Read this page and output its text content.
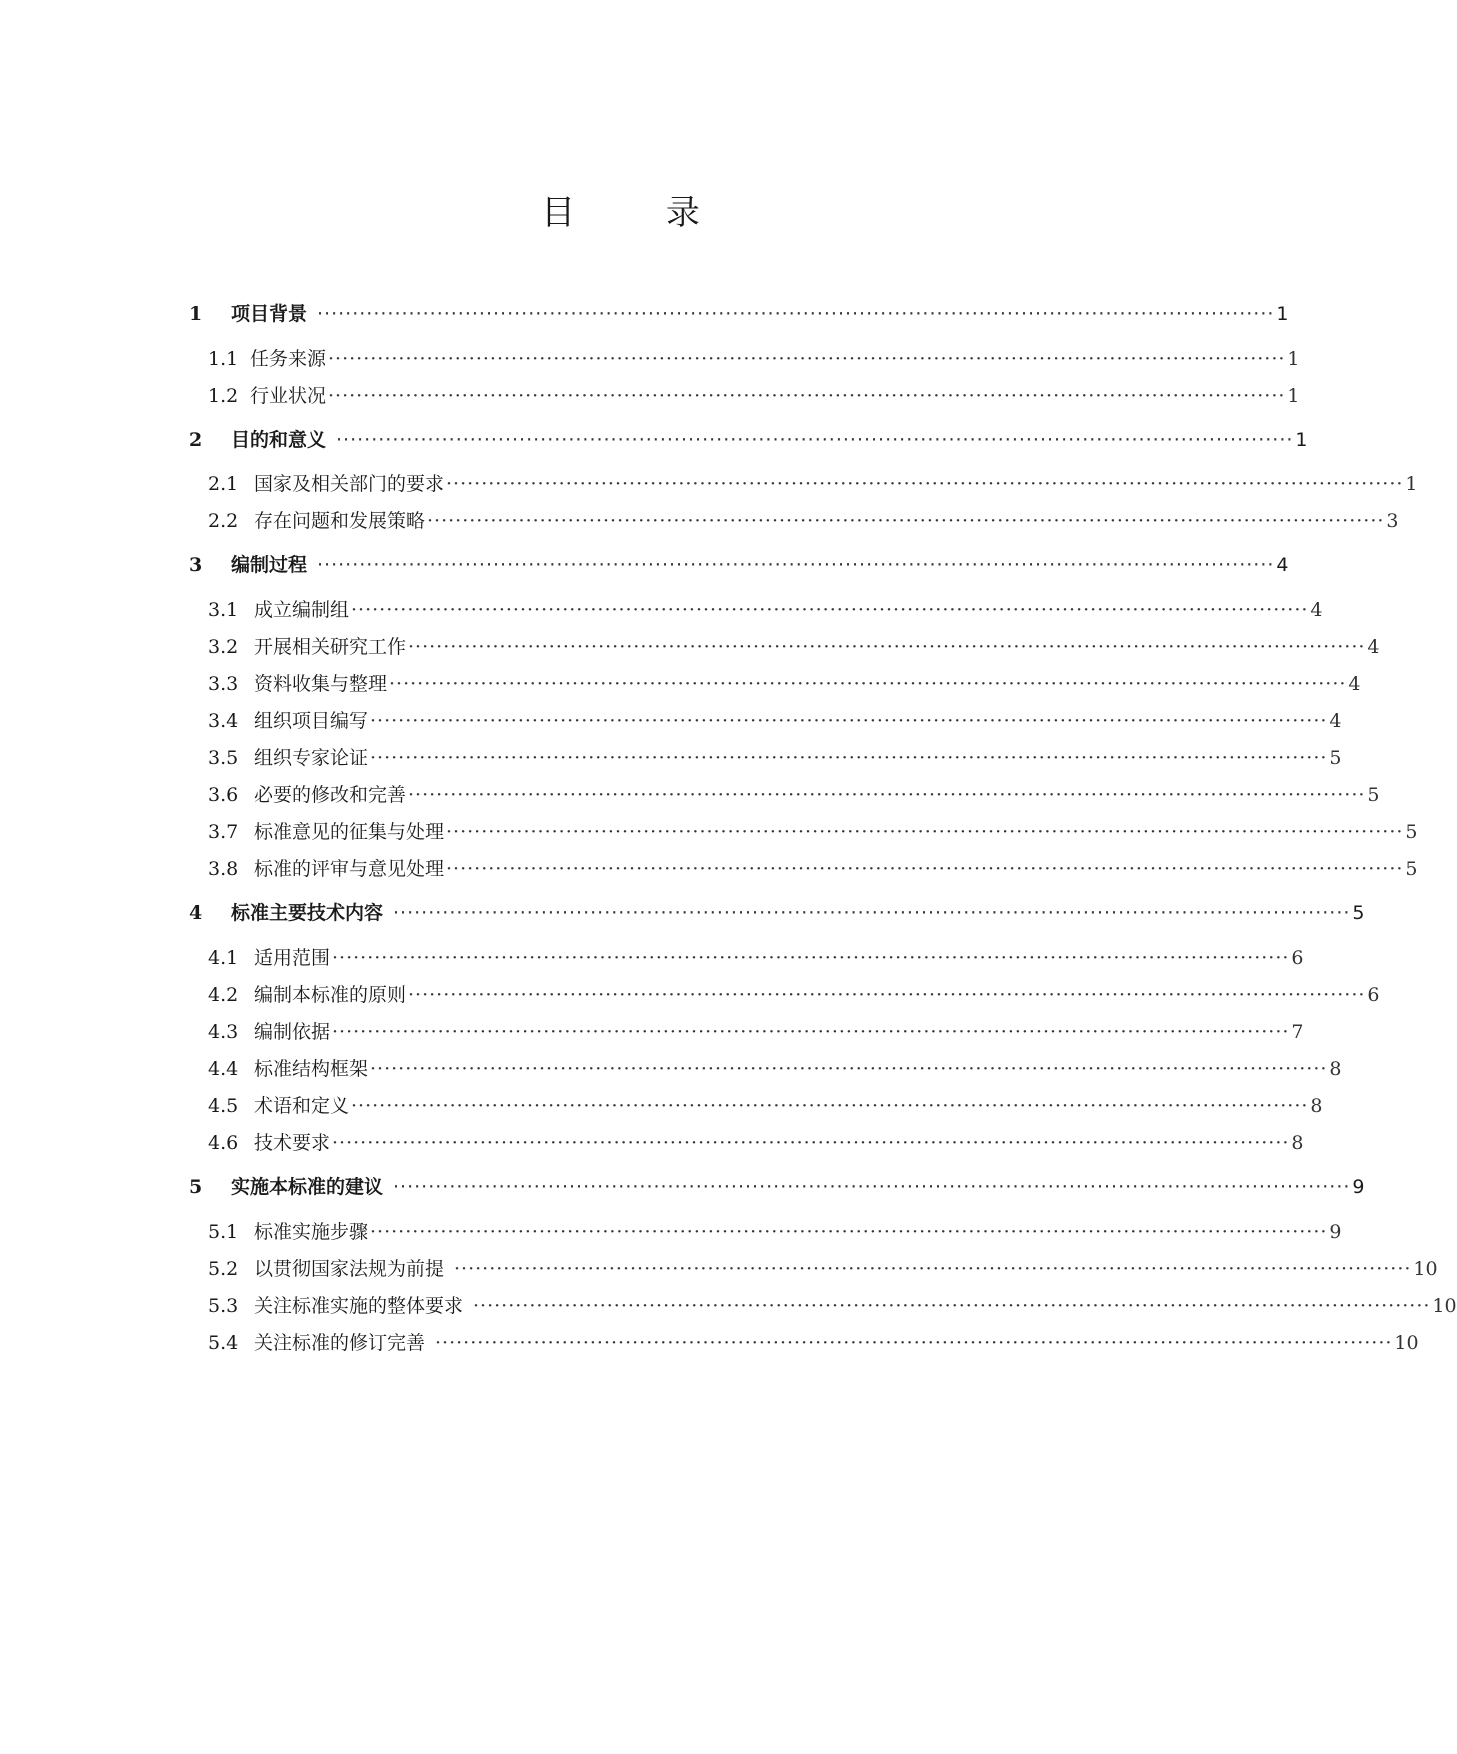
目 录
1	项目背景 ········································································································································ 1
1.1 任务来源 ········································································································································ 1
1.2 行业状况 ········································································································································ 1
2	目的和意义 ········································································································································ 1
2.1 国家及相关部门的要求 ········································································································································ 1
2.2 存在问题和发展策略 ········································································································································ 3
3	编制过程 ········································································································································ 4
3.1 成立编制组 ········································································································································ 4
3.2 开展相关研究工作 ········································································································································ 4
3.3 资料收集与整理 ········································································································································ 4
3.4 组织项目编写 ········································································································································ 4
3.5 组织专家论证 ········································································································································ 5
3.6 必要的修改和完善 ········································································································································ 5
3.7 标准意见的征集与处理 ········································································································································ 5
3.8 标准的评审与意见处理 ········································································································································ 5
4	标准主要技术内容 ········································································································································ 5
4.1 适用范围 ········································································································································ 6
4.2 编制本标准的原则 ········································································································································ 6
4.3 编制依据 ········································································································································ 7
4.4 标准结构框架 ········································································································································ 8
4.5 术语和定义 ········································································································································ 8
4.6 技术要求 ········································································································································ 8
5	实施本标准的建议 ········································································································································ 9
5.1 标准实施步骤 ········································································································································ 9
5.2 以贯彻国家法规为前提 ········································································································································ 10
5.3 关注标准实施的整体要求 ········································································································································ 10
5.4 关注标准的修订完善 ········································································································································ 10
